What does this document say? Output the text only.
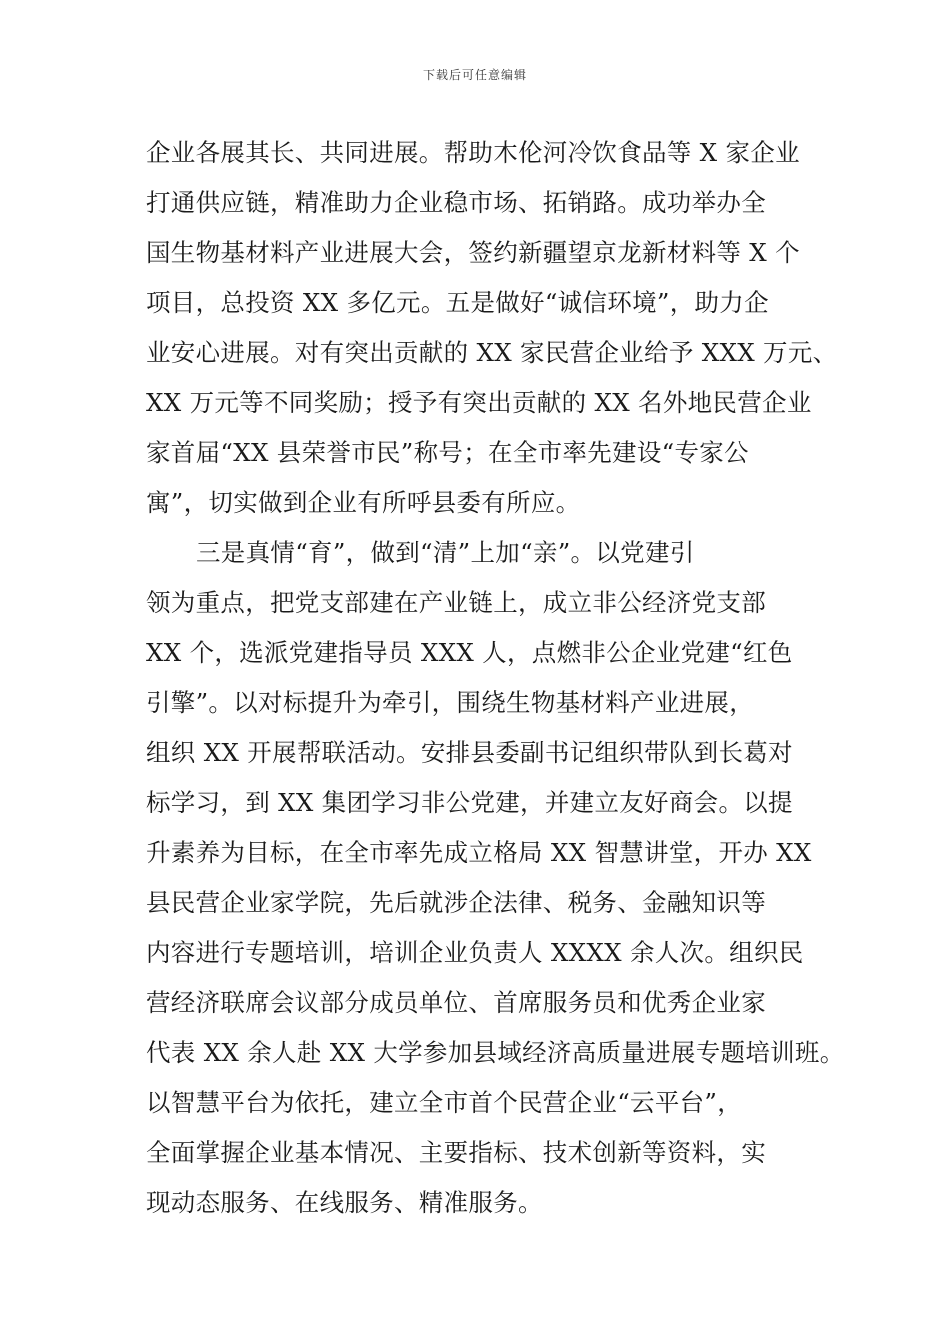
下载后可任意编辑
企业各展其长、共同进展。帮助木伦河冷饮食品等 X 家企业
打通供应链，精准助力企业稳市场、拓销路。成功举办全
国生物基材料产业进展大会，签约新疆望京龙新材料等 X 个
项目，总投资 XX 多亿元。五是做好“诚信环境”，助力企
业安心进展。对有突出贡献的 XX 家民营企业给予 XXX 万元、
XX 万元等不同奖励；授予有突出贡献的 XX 名外地民营企业
家首届“XX 县荣誉市民”称号；在全市率先建设“专家公
寓”，切实做到企业有所呼县委有所应。
三是真情“育”，做到“清”上加“亲”。以党建引
领为重点，把党支部建在产业链上，成立非公经济党支部
XX 个，选派党建指导员 XXX 人，点燃非公企业党建“红色
引擎”。以对标提升为牵引，围绕生物基材料产业进展，
组织 XX 开展帮联活动。安排县委副书记组织带队到长葛对
标学习，到 XX 集团学习非公党建，并建立友好商会。以提
升素养为目标，在全市率先成立格局 XX 智慧讲堂，开办 XX
县民营企业家学院，先后就涉企法律、税务、金融知识等
内容进行专题培训，培训企业负责人 XXXX 余人次。组织民
营经济联席会议部分成员单位、首席服务员和优秀企业家
代表 XX 余人赴 XX 大学参加县域经济高质量进展专题培训班。
以智慧平台为依托，建立全市首个民营企业“云平台”，
全面掌握企业基本情况、主要指标、技术创新等资料，实
现动态服务、在线服务、精准服务。
